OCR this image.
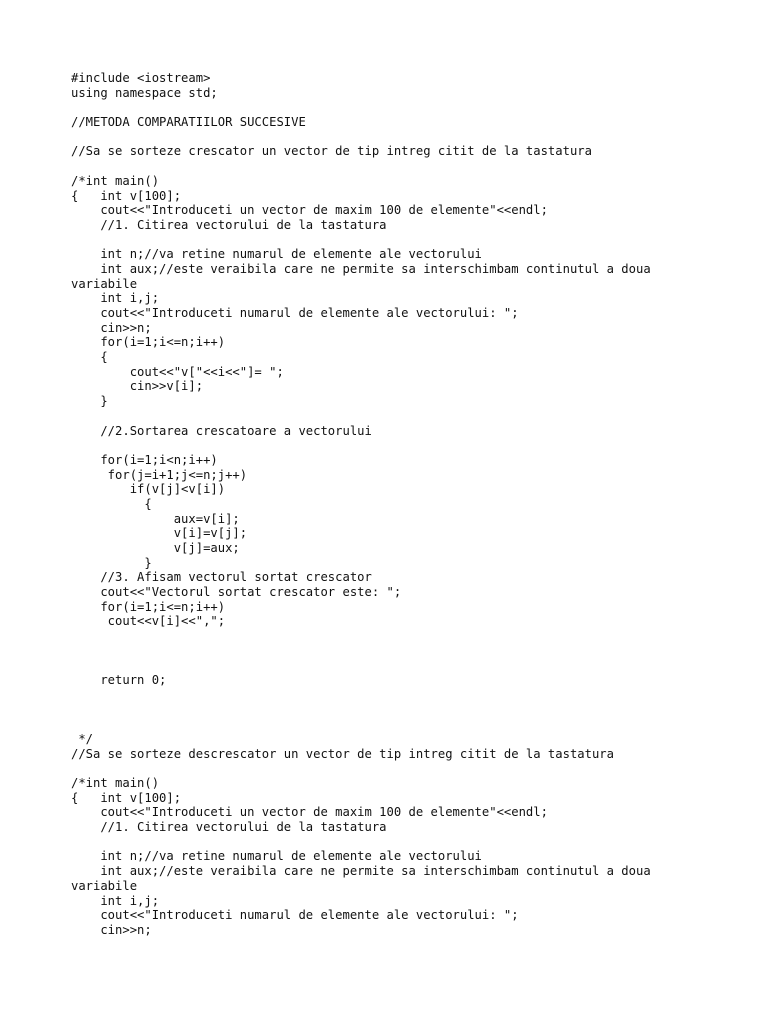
#include <iostream>
using namespace std;
//METODA COMPARATIILOR SUCCESIVE
//Sa se sorteze crescator un vector de tip intreg citit de la tastatura
/*int main()
{   int v[100];
cout<<"Introduceti un vector de maxim 100 de elemente"<<endl;
//1. Citirea vectorului de la tastatura
int n;//va retine numarul de elemente ale vectorului
int aux;//este veraibila care ne permite sa interschimbam continutul a doua
variabile
int i,j;
cout<<"Introduceti numarul de elemente ale vectorului: ";
cin>>n;
for(i=1;i<=n;i++)
{
cout<<"v["<<i<<"]= ";
cin>>v[i];
}
//2.Sortarea crescatoare a vectorului
for(i=1;i<n;i++)
for(j=i+1;j<=n;j++)
if(v[j]<v[i])
{
aux=v[i];
v[i]=v[j];
v[j]=aux;
}
//3. Afisam vectorul sortat crescator
cout<<"Vectorul sortat crescator este: ";
for(i=1;i<=n;i++)
cout<<v[i]<<",";
return 0;
*/
//Sa se sorteze descrescator un vector de tip intreg citit de la tastatura
/*int main()
{   int v[100];
cout<<"Introduceti un vector de maxim 100 de elemente"<<endl;
//1. Citirea vectorului de la tastatura
int n;//va retine numarul de elemente ale vectorului
int aux;//este veraibila care ne permite sa interschimbam continutul a doua
variabile
int i,j;
cout<<"Introduceti numarul de elemente ale vectorului: ";
cin>>n;
